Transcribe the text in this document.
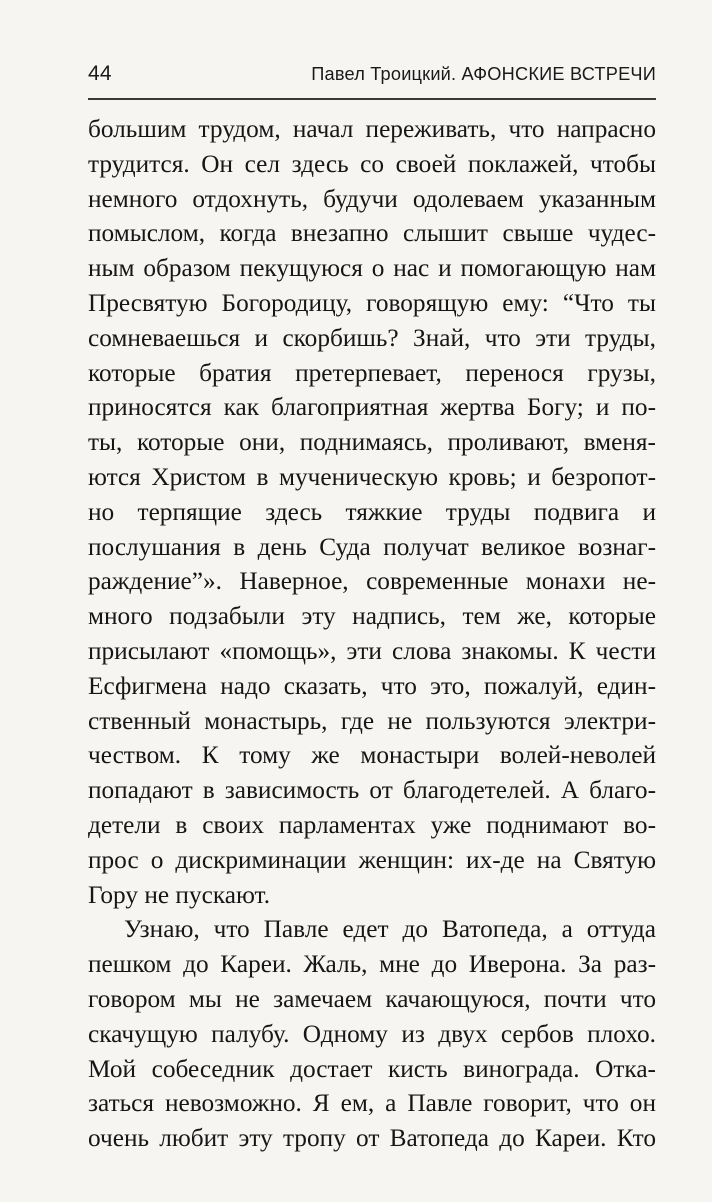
44	Павел Троицкий. АФОНСКИЕ ВСТРЕЧИ
большим трудом, начал переживать, что напрасно
трудится. Он сел здесь со своей поклажей, чтобы
немного отдохнуть, будучи одолеваем указанным
помыслом, когда внезапно слышит свыше чудес-
ным образом пекущуюся о нас и помогающую нам
Пресвятую Богородицу, говорящую ему: “Что ты
сомневаешься и скорбишь? Знай, что эти труды,
которые братия претерпевает, перенося грузы,
приносятся как благоприятная жертва Богу; и по-
ты, которые они, поднимаясь, проливают, вменя-
ются Христом в мученическую кровь; и безропот-
но терпящие здесь тяжкие труды подвига и
послушания в день Суда получат великое вознаг-
раждение”». Наверное, современные монахи не-
много подзабыли эту надпись, тем же, которые
присылают «помощь», эти слова знакомы. К чести
Есфигмена надо сказать, что это, пожалуй, един-
ственный монастырь, где не пользуются электри-
чеством. К тому же монастыри волей-неволей
попадают в зависимость от благодетелей. А благо-
детели в своих парламентах уже поднимают во-
прос о дискриминации женщин: их-де на Святую
Гору не пускают.
Узнаю, что Павле едет до Ватопеда, а оттуда
пешком до Кареи. Жаль, мне до Иверона. За раз-
говором мы не замечаем качающуюся, почти что
скачущую палубу. Одному из двух сербов плохо.
Мой собеседник достает кисть винограда. Отка-
заться невозможно. Я ем, а Павле говорит, что он
очень любит эту тропу от Ватопеда до Кареи. Кто
